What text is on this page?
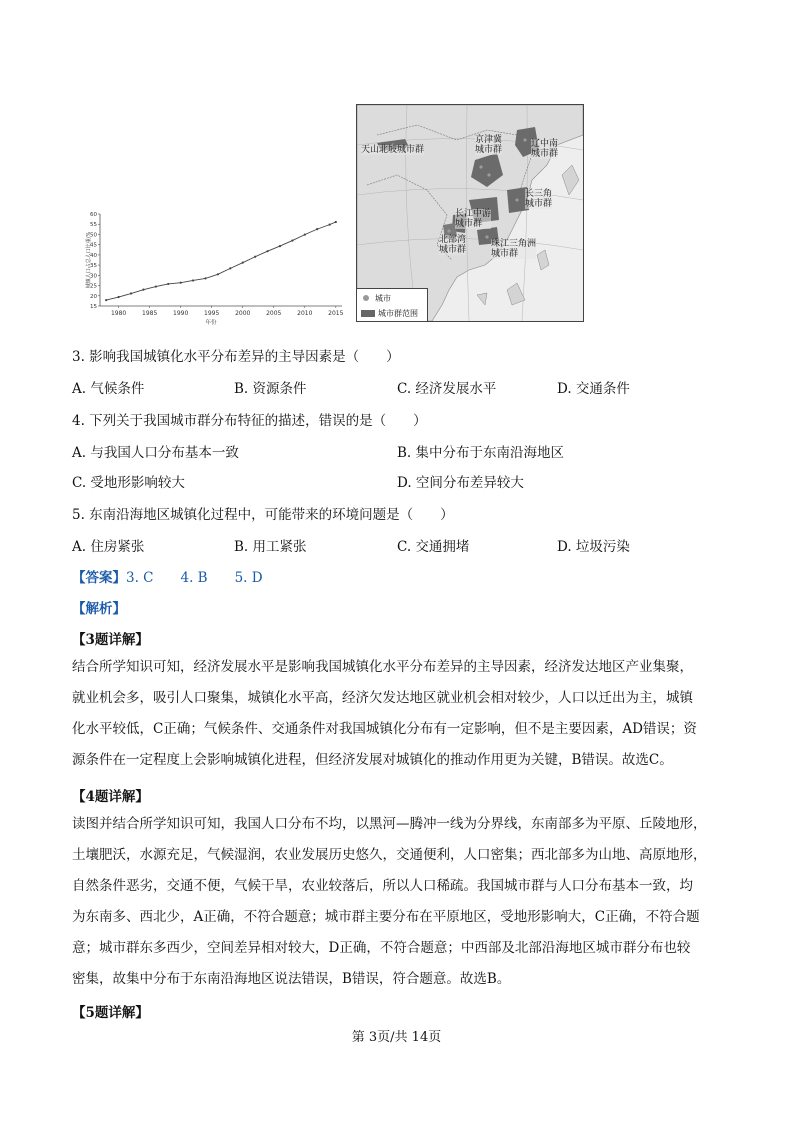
15
20
25
30
35
40
45
50
55
60
1980	1985	1990	1995	2000	2005	2010	2015
年份
城镇人口占总人口比重/%
天山北坡城市群
京津冀
城市群
辽中南
城市群
长三角
城市群
长江中游
城市群
北部湾
城市群
珠江三角洲
城市群
城市
城市群范围
3. 影响我国城镇化水平分布差异的主导因素是（　　）
A. 气候条件	B. 资源条件	C. 经济发展水平	D. 交通条件
4. 下列关于我国城市群分布特征的描述，错误的是（　　）
A. 与我国人口分布基本一致	B. 集中分布于东南沿海地区
C. 受地形影响较大	D. 空间分布差异较大
5. 东南沿海地区城镇化过程中，可能带来的环境问题是（　　）
A. 住房紧张	B. 用工紧张	C. 交通拥堵	D. 垃圾污染
【答案】3. C　　4. B　　5. D
【解析】
【3题详解】
结合所学知识可知，经济发展水平是影响我国城镇化水平分布差异的主导因素，经济发达地区产业集聚，
就业机会多，吸引人口聚集，城镇化水平高，经济欠发达地区就业机会相对较少，人口以迁出为主，城镇
化水平较低，C正确；气候条件、交通条件对我国城镇化分布有一定影响，但不是主要因素，AD错误；资
源条件在一定程度上会影响城镇化进程，但经济发展对城镇化的推动作用更为关键，B错误。故选C。
【4题详解】
读图并结合所学知识可知，我国人口分布不均，以黑河—腾冲一线为分界线，东南部多为平原、丘陵地形，
土壤肥沃，水源充足，气候湿润，农业发展历史悠久，交通便利，人口密集；西北部多为山地、高原地形，
自然条件恶劣，交通不便，气候干旱，农业较落后，所以人口稀疏。我国城市群与人口分布基本一致，均
为东南多、西北少，A正确，不符合题意；城市群主要分布在平原地区，受地形影响大，C正确，不符合题
意；城市群东多西少，空间差异相对较大，D正确，不符合题意；中西部及北部沿海地区城市群分布也较
密集，故集中分布于东南沿海地区说法错误，B错误，符合题意。故选B。
【5题详解】
第 3页/共 14页
